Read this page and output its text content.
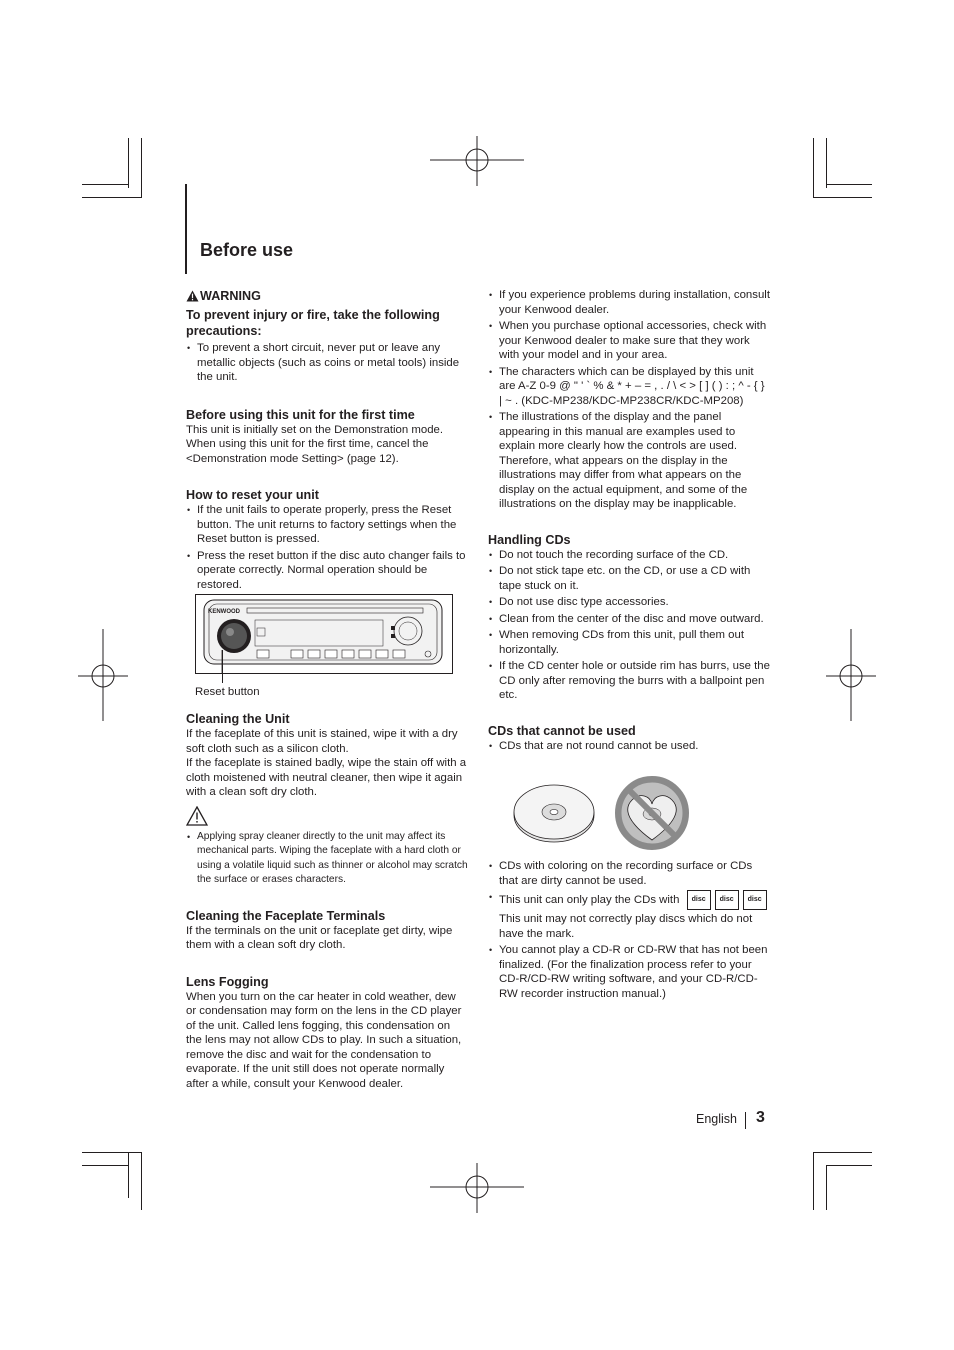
Before use
WARNING
To prevent injury or fire, take the following precautions:
• To prevent a short circuit, never put or leave any metallic objects (such as coins or metal tools) inside the unit.
Before using this unit for the first time

This unit is initially set on the Demonstration mode. When using this unit for the first time, cancel the <Demonstration mode Setting> (page 12).

How to reset your unit
• If the unit fails to operate properly, press the Reset button. The unit returns to factory settings when the Reset button is pressed.
• Press the reset button if the disc auto changer fails to operate correctly. Normal operation should be restored.
KENWOOD
Reset button
Cleaning the Unit

If the faceplate of this unit is stained, wipe it with a dry soft cloth such as a silicon cloth.

If the faceplate is stained badly, wipe the stain off with a cloth moistened with neutral cleaner, then wipe it again with a clean soft dry cloth.

• Applying spray cleaner directly to the unit may affect its mechanical parts. Wiping the faceplate with a hard cloth or using a volatile liquid such as thinner or alcohol may scratch the surface or erases characters.
Cleaning the Faceplate Terminals

If the terminals on the unit or faceplate get dirty, wipe them with a clean soft dry cloth.

Lens Fogging

When you turn on the car heater in cold weather, dew or condensation may form on the lens in the CD player of the unit. Called lens fogging, this condensation on the lens may not allow CDs to play. In such a situation, remove the disc and wait for the condensation to evaporate. If the unit still does not operate normally after a while, consult your Kenwood dealer.

• If you experience problems during installation, consult your Kenwood dealer.
• When you purchase optional accessories, check with your Kenwood dealer to make sure that they work with your model and in your area.
• The characters which can be displayed by this unit are A-Z 0-9 @ " ' ` % & * + – = , . / \ < > [ ] ( ) : ; ^ - { } | ~ . (KDC-MP238/KDC-MP238CR/KDC-MP208)
• The illustrations of the display and the panel appearing in this manual are examples used to explain more clearly how the controls are used. Therefore, what appears on the display in the illustrations may differ from what appears on the display on the actual equipment, and some of the illustrations on the display may be inapplicable.
Handling CDs
• Do not touch the recording surface of the CD.
• Do not stick tape etc. on the CD, or use a CD with tape stuck on it.
• Do not use disc type accessories.
• Clean from the center of the disc and move outward.
• When removing CDs from this unit, pull them out horizontally.
• If the CD center hole or outside rim has burrs, use the CD only after removing the burrs with a ballpoint pen etc.
CDs that cannot be used
• CDs that are not round cannot be used.
• CDs with coloring on the recording surface or CDs that are dirty cannot be used.
• This unit can only play the CDs with	disc	disc	disc
This unit may not correctly play discs which do not have the mark.
• You cannot play a CD-R or CD-RW that has not been finalized. (For the finalization process refer to your CD-R/CD-RW writing software, and your CD-R/CD-RW recorder instruction manual.)
English 3
